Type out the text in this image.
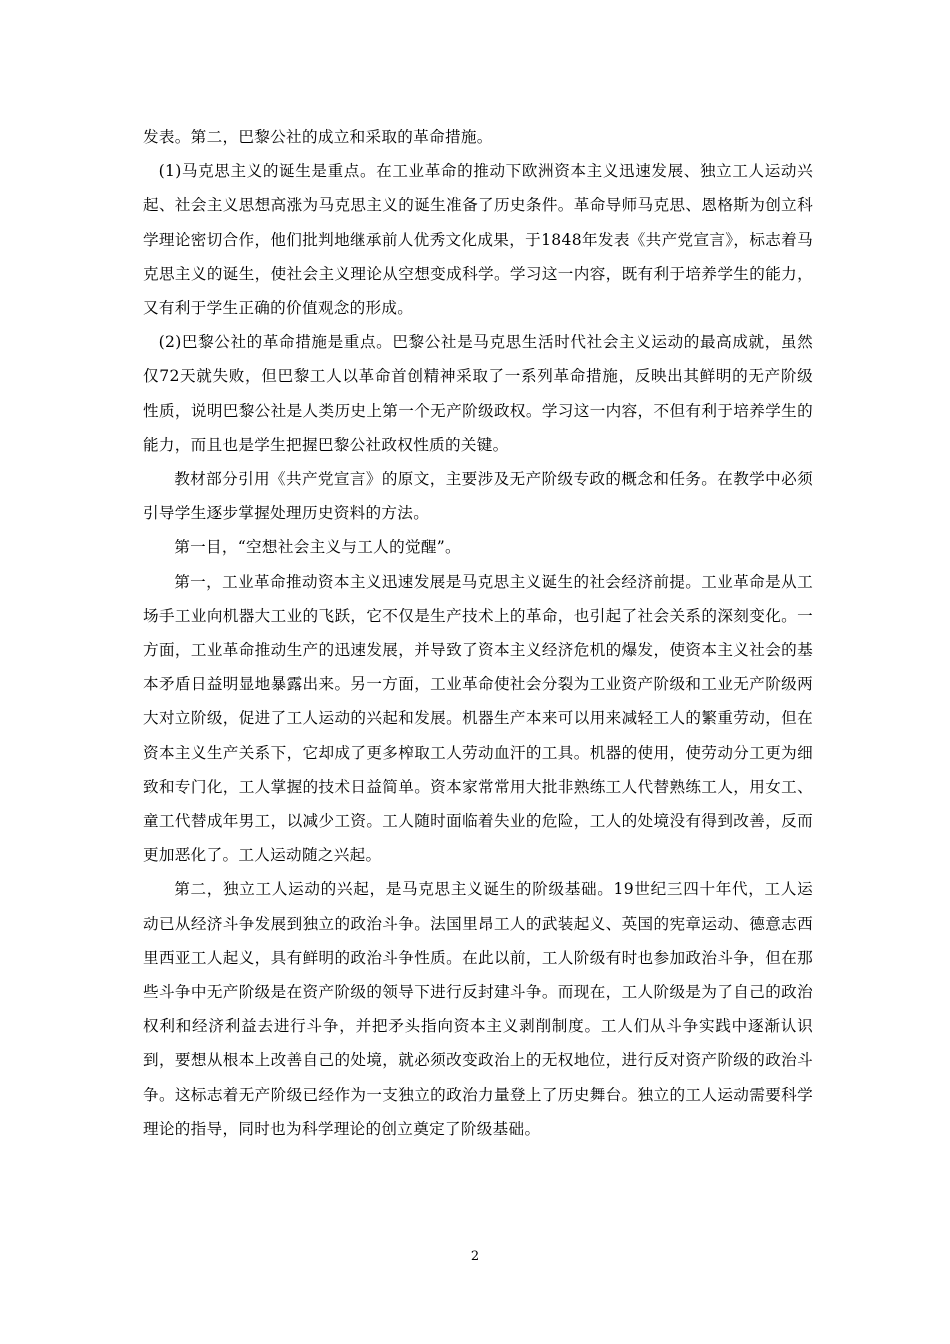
发表。第二，巴黎公社的成立和采取的革命措施。

(1)马克思主义的诞生是重点。在工业革命的推动下欧洲资本主义迅速发展、独立工人运动兴起、社会主义思想高涨为马克思主义的诞生准备了历史条件。革命导师马克思、恩格斯为创立科学理论密切合作，他们批判地继承前人优秀文化成果，于1848年发表《共产党宣言》，标志着马克思主义的诞生，使社会主义理论从空想变成科学。学习这一内容，既有利于培养学生的能力，又有利于学生正确的价值观念的形成。

(2)巴黎公社的革命措施是重点。巴黎公社是马克思生活时代社会主义运动的最高成就，虽然仅72天就失败，但巴黎工人以革命首创精神采取了一系列革命措施，反映出其鲜明的无产阶级性质，说明巴黎公社是人类历史上第一个无产阶级政权。学习这一内容，不但有利于培养学生的能力，而且也是学生把握巴黎公社政权性质的关键。

教材部分引用《共产党宣言》的原文，主要涉及无产阶级专政的概念和任务。在教学中必须引导学生逐步掌握处理历史资料的方法。

第一目，“空想社会主义与工人的觉醒”。

第一，工业革命推动资本主义迅速发展是马克思主义诞生的社会经济前提。工业革命是从工场手工业向机器大工业的飞跃，它不仅是生产技术上的革命，也引起了社会关系的深刻变化。一方面，工业革命推动生产的迅速发展，并导致了资本主义经济危机的爆发，使资本主义社会的基本矛盾日益明显地暴露出来。另一方面，工业革命使社会分裂为工业资产阶级和工业无产阶级两大对立阶级，促进了工人运动的兴起和发展。机器生产本来可以用来减轻工人的繁重劳动，但在资本主义生产关系下，它却成了更多榨取工人劳动血汗的工具。机器的使用，使劳动分工更为细致和专门化，工人掌握的技术日益简单。资本家常常用大批非熟练工人代替熟练工人，用女工、童工代替成年男工，以减少工资。工人随时面临着失业的危险，工人的处境没有得到改善，反而更加恶化了。工人运动随之兴起。

第二，独立工人运动的兴起，是马克思主义诞生的阶级基础。19世纪三四十年代，工人运动已从经济斗争发展到独立的政治斗争。法国里昂工人的武装起义、英国的宪章运动、德意志西里西亚工人起义，具有鲜明的政治斗争性质。在此以前，工人阶级有时也参加政治斗争，但在那些斗争中无产阶级是在资产阶级的领导下进行反封建斗争。而现在，工人阶级是为了自己的政治权利和经济利益去进行斗争，并把矛头指向资本主义剥削制度。工人们从斗争实践中逐渐认识到，要想从根本上改善自己的处境，就必须改变政治上的无权地位，进行反对资产阶级的政治斗争。这标志着无产阶级已经作为一支独立的政治力量登上了历史舞台。独立的工人运动需要科学理论的指导，同时也为科学理论的创立奠定了阶级基础。

2
